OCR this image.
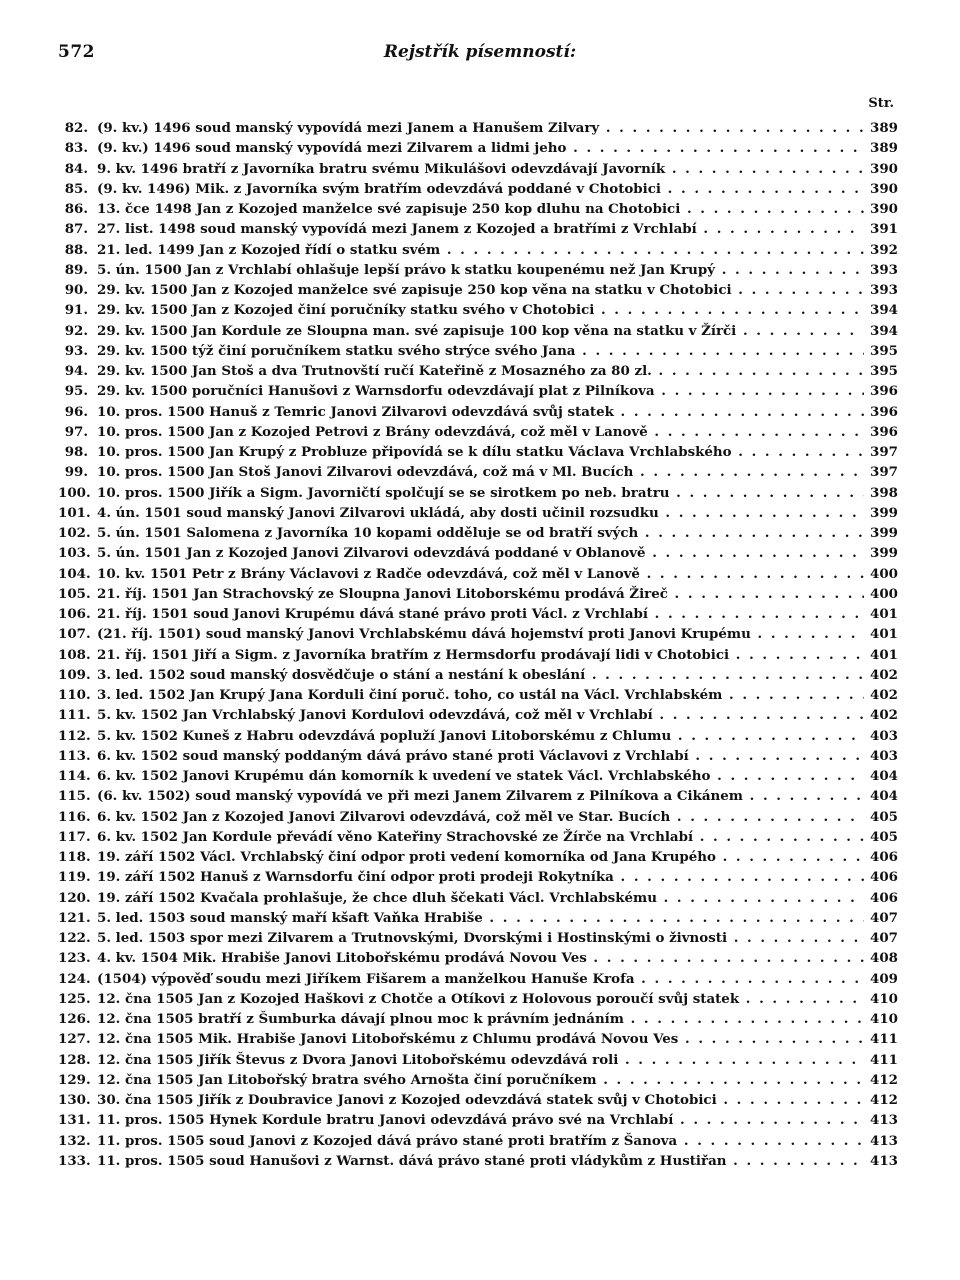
572	Rejstřík písemností:
Str.
82. (9. kv.) 1496 soud manský vypovídá mezi Janem a Hanušem Zilvary . . .	389
83. (9. kv.) 1496 soud manský vypovídá mezi Zilvarem a lidmi jeho . . .	389
84. 9. kv. 1496 bratří z Javorníka bratru svému Mikulášovi odevzdávají Javorník . . .	390
85. (9. kv. 1496) Mik. z Javorníka svým bratřím odevzdává poddané v Chotobici . . .	390
86. 13. čce 1498 Jan z Kozojed manželce své zapisuje 250 kop dluhu na Chotobici . . .	390
87. 27. list. 1498 soud manský vypovídá mezi Janem z Kozojed a bratřími z Vrchlabí . . .	391
88. 21. led. 1499 Jan z Kozojed řídí o statku svém . . .	392
89. 5. ún. 1500 Jan z Vrchlabí ohlašuje lepší právo k statku koupenému než Jan Krupý . . .	393
90. 29. kv. 1500 Jan z Kozojed manželce své zapisuje 250 kop věna na statku v Chotobici . . .	393
91. 29. kv. 1500 Jan z Kozojed činí poručníky statku svého v Chotobici . . .	394
92. 29. kv. 1500 Jan Kordule ze Sloupna man. své zapisuje 100 kop věna na statku v Žírči . . .	394
93. 29. kv. 1500 týž činí poručníkem statku svého strýce svého Jana . . .	395
94. 29. kv. 1500 Jan Stoš a dva Trutnovští ručí Kateřině z Mosazného za 80 zl. . . .	395
95. 29. kv. 1500 poručníci Hanušovi z Warnsdorfu odevzdávají plat z Pilníkova . . .	396
96. 10. pros. 1500 Hanuš z Temric Janovi Zilvarovi odevzdává svůj statek . . .	396
97. 10. pros. 1500 Jan z Kozojed Petrovi z Brány odevzdává, což měl v Lanově . . .	396
98. 10. pros. 1500 Jan Krupý z Probluze připovídá se k dílu statku Václava Vrchlabského . . .	397
99. 10. pros. 1500 Jan Stoš Janovi Zilvarovi odevzdává, což má v Ml. Bucích . . .	397
100. 10. pros. 1500 Jiřík a Sigm. Javorničtí spolčují se se sirotkem po neb. bratru . . .	398
101. 4. ún. 1501 soud manský Janovi Zilvarovi ukládá, aby dosti učinil rozsudku . . .	399
102. 5. ún. 1501 Salomena z Javorníka 10 kopami odděluje se od bratří svých . . .	399
103. 5. ún. 1501 Jan z Kozojed Janovi Zilvarovi odevzdává poddané v Oblanově . . .	399
104. 10. kv. 1501 Petr z Brány Václavovi z Radče odevzdává, což měl v Lanově . . .	400
105. 21. říj. 1501 Jan Strachovský ze Sloupna Janovi Litoborskému prodává Žireč . . .	400
106. 21. říj. 1501 soud Janovi Krupému dává stané právo proti Václ. z Vrchlabí . . .	401
107. (21. říj. 1501) soud manský Janovi Vrchlabskému dává hojemství proti Janovi Krupému . . .	401
108. 21. říj. 1501 Jiří a Sigm. z Javorníka bratřím z Hermsdorfu prodávají lidi v Chotobici . . .	401
109. 3. led. 1502 soud manský dosvědčuje o stání a nestání k obeslání . . .	402
110. 3. led. 1502 Jan Krupý Jana Korduli činí poruč. toho, co ustál na Václ. Vrchlabském . . .	402
111. 5. kv. 1502 Jan Vrchlabský Janovi Kordulovi odevzdává, což měl v Vrchlabí . . .	402
112. 5. kv. 1502 Kuneš z Habru odevzdává popluží Janovi Litoborskému z Chlumu . . .	403
113. 6. kv. 1502 soud manský poddaným dává právo stané proti Václavovi z Vrchlabí . . .	403
114. 6. kv. 1502 Janovi Krupému dán komorník k uvedení ve statek Václ. Vrchlabského . . .	404
115. (6. kv. 1502) soud manský vypovídá ve při mezi Janem Zilvarem z Pilníkova a Cikánem . . .	404
116. 6. kv. 1502 Jan z Kozojed Janovi Zilvarovi odevzdává, což měl ve Star. Bucích . . .	405
117. 6. kv. 1502 Jan Kordule převádí věno Kateřiny Strachovské ze Žírče na Vrchlabí . . .	405
118. 19. září 1502 Václ. Vrchlabský činí odpor proti vedení komorníka od Jana Krupého . . .	406
119. 19. září 1502 Hanuš z Warnsdorfu činí odpor proti prodeji Rokytníka . . .	406
120. 19. září 1502 Kvačala prohlašuje, že chce dluh ščekati Václ. Vrchlabskému . . .	406
121. 5. led. 1503 soud manský maří kšaft Vaňka Hrabiše . . .	407
122. 5. led. 1503 spor mezi Zilvarem a Trutnovskými, Dvorskými i Hostinskými o živnosti . . .	407
123. 4. kv. 1504 Mik. Hrabiše Janovi Litobořskému prodává Novou Ves . . .	408
124. (1504) výpověď soudu mezi Jiříkem Fišarem a manželkou Hanuše Krofa . . .	409
125. 12. čna 1505 Jan z Kozojed Haškovi z Chotče a Otíkovi z Holovous poroučí svůj statek . . .	410
126. 12. čna 1505 bratří z Šumburka dávají plnou moc k právním jednáním . . .	410
127. 12. čna 1505 Mik. Hrabiše Janovi Litobořskému z Chlumu prodává Novou Ves . . .	411
128. 12. čna 1505 Jiřík Števus z Dvora Janovi Litobořskému odevzdává roli . . .	411
129. 12. čna 1505 Jan Litobořský bratra svého Arnošta činí poručníkem . . .	412
130. 30. čna 1505 Jiřík z Doubravice Janovi z Kozojed odevzdává statek svůj v Chotobici . . .	412
131. 11. pros. 1505 Hynek Kordule bratru Janovi odevzdává právo své na Vrchlabí . . .	413
132. 11. pros. 1505 soud Janovi z Kozojed dává právo stané proti bratřím z Šanova . . .	413
133. 11. pros. 1505 soud Hanušovi z Warnst. dává právo stané proti vládykům z Hustiřan . . .	413
